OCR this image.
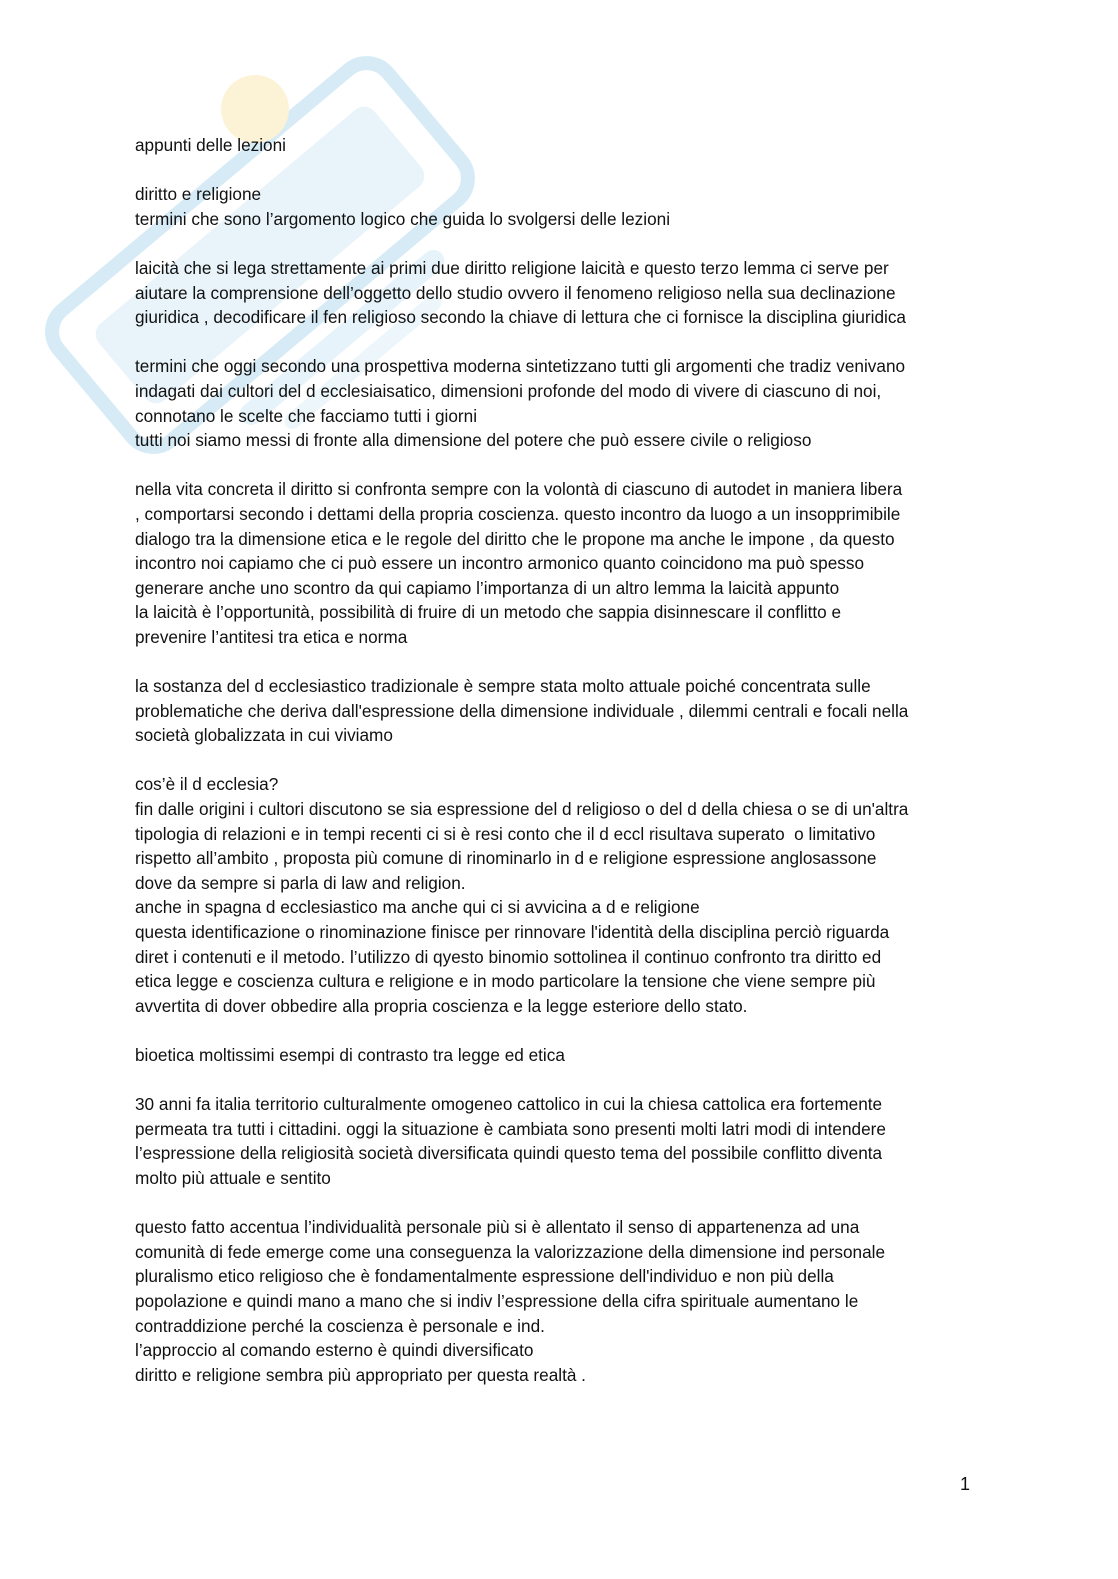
appunti delle lezioni
diritto e religione
termini che sono l’argomento logico che guida lo svolgersi delle lezioni
laicità che si lega strettamente ai primi due diritto religione laicità e questo terzo lemma ci serve per
aiutare la comprensione dell’oggetto dello studio ovvero il fenomeno religioso nella sua declinazione
giuridica , decodificare il fen religioso secondo la chiave di lettura che ci fornisce la disciplina giuridica
termini che oggi secondo una prospettiva moderna sintetizzano tutti gli argomenti che tradiz venivano
indagati dai cultori del d ecclesiaisatico, dimensioni profonde del modo di vivere di ciascuno di noi,
connotano le scelte che facciamo tutti i giorni
tutti noi siamo messi di fronte alla dimensione del potere che può essere civile o religioso
nella vita concreta il diritto si confronta sempre con la volontà di ciascuno di autodet in maniera libera
, comportarsi secondo i dettami della propria coscienza. questo incontro da luogo a un insopprimibile
dialogo tra la dimensione etica e le regole del diritto che le propone ma anche le impone , da questo
incontro noi capiamo che ci può essere un incontro armonico quanto coincidono ma può spesso
generare anche uno scontro da qui capiamo l’importanza di un altro lemma la laicità appunto
la laicità è l’opportunità, possibilità di fruire di un metodo che sappia disinnescare il conflitto e
prevenire l’antitesi tra etica e norma
la sostanza del d ecclesiastico tradizionale è sempre stata molto attuale poiché concentrata sulle
problematiche che deriva dall'espressione della dimensione individuale , dilemmi centrali e focali nella
società globalizzata in cui viviamo
cos’è il d ecclesia?
fin dalle origini i cultori discutono se sia espressione del d religioso o del d della chiesa o se di un'altra
tipologia di relazioni e in tempi recenti ci si è resi conto che il d eccl risultava superato  o limitativo
rispetto all’ambito , proposta più comune di rinominarlo in d e religione espressione anglosassone
dove da sempre si parla di law and religion.
anche in spagna d ecclesiastico ma anche qui ci si avvicina a d e religione
questa identificazione o rinominazione finisce per rinnovare l'identità della disciplina perciò riguarda
diret i contenuti e il metodo. l’utilizzo di qyesto binomio sottolinea il continuo confronto tra diritto ed
etica legge e coscienza cultura e religione e in modo particolare la tensione che viene sempre più
avvertita di dover obbedire alla propria coscienza e la legge esteriore dello stato.
bioetica moltissimi esempi di contrasto tra legge ed etica
30 anni fa italia territorio culturalmente omogeneo cattolico in cui la chiesa cattolica era fortemente
permeata tra tutti i cittadini. oggi la situazione è cambiata sono presenti molti latri modi di intendere
l’espressione della religiosità società diversificata quindi questo tema del possibile conflitto diventa
molto più attuale e sentito
questo fatto accentua l’individualità personale più si è allentato il senso di appartenenza ad una
comunità di fede emerge come una conseguenza la valorizzazione della dimensione ind personale
pluralismo etico religioso che è fondamentalmente espressione dell'individuo e non più della
popolazione e quindi mano a mano che si indiv l’espressione della cifra spirituale aumentano le
contraddizione perché la coscienza è personale e ind.
l’approccio al comando esterno è quindi diversificato
diritto e religione sembra più appropriato per questa realtà .
1
